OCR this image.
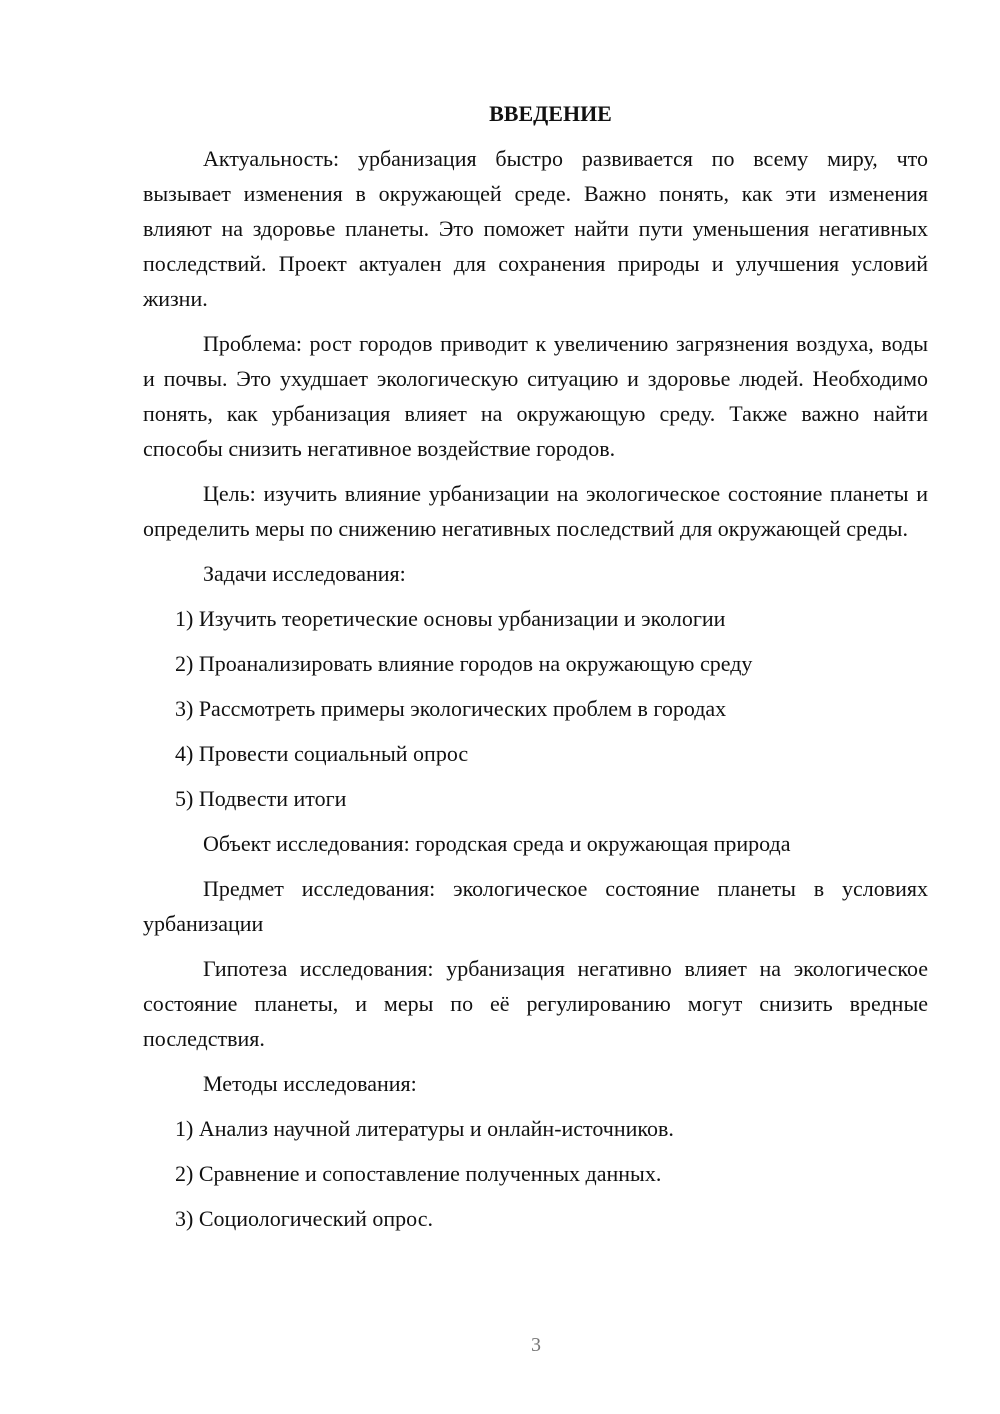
ВВЕДЕНИЕ

Актуальность: урбанизация быстро развивается по всему миру, что вызывает изменения в окружающей среде. Важно понять, как эти изменения влияют на здоровье планеты. Это поможет найти пути уменьшения негативных последствий. Проект актуален для сохранения природы и улучшения условий жизни.

Проблема: рост городов приводит к увеличению загрязнения воздуха, воды и почвы. Это ухудшает экологическую ситуацию и здоровье людей. Необходимо понять, как урбанизация влияет на окружающую среду. Также важно найти способы снизить негативное воздействие городов.

Цель: изучить влияние урбанизации на экологическое состояние планеты и определить меры по снижению негативных последствий для окружающей среды.

Задачи исследования:

1) Изучить теоретические основы урбанизации и экологии

2) Проанализировать влияние городов на окружающую среду

3) Рассмотреть примеры экологических проблем в городах

4) Провести социальный опрос

5) Подвести итоги

Объект исследования: городская среда и окружающая природа

Предмет исследования: экологическое состояние планеты в условиях урбанизации

Гипотеза исследования: урбанизация негативно влияет на экологическое состояние планеты, и меры по её регулированию могут снизить вредные последствия.

Методы исследования:

1) Анализ научной литературы и онлайн-источников.

2) Сравнение и сопоставление полученных данных.

3) Социологический опрос.

3
